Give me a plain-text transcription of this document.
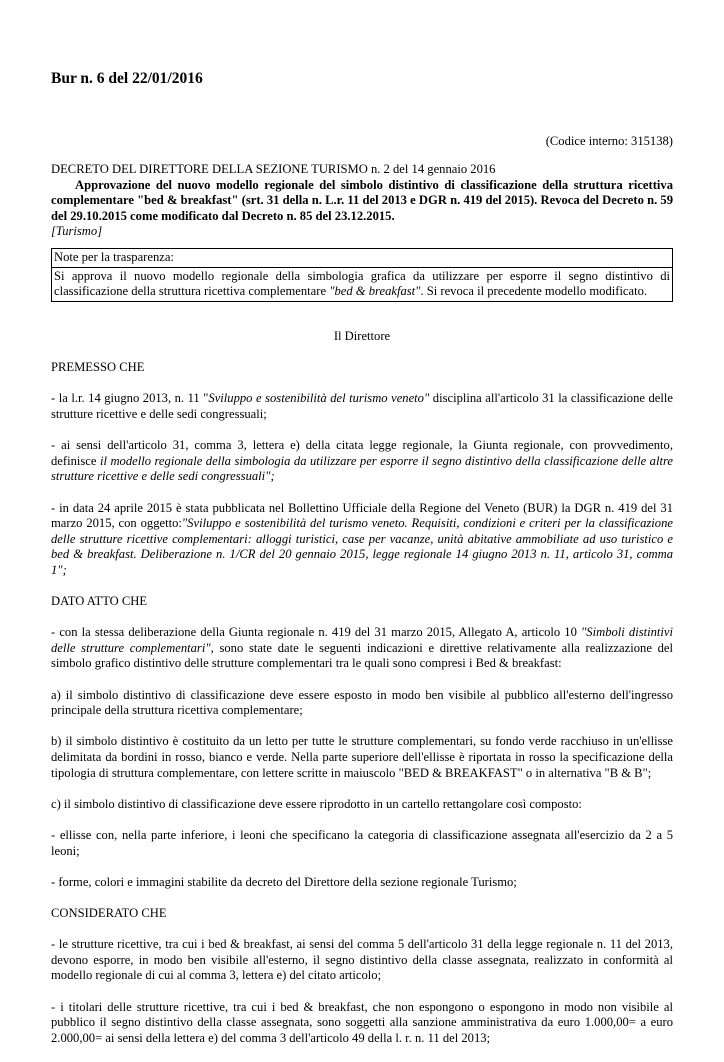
Bur n. 6 del 22/01/2016
(Codice interno: 315138)
DECRETO DEL DIRETTORE DELLA SEZIONE TURISMO n. 2 del 14 gennaio 2016
Approvazione del nuovo modello regionale del simbolo distintivo di classificazione della struttura ricettiva complementare "bed & breakfast" (srt. 31 della n. L.r. 11 del 2013 e DGR n. 419 del 2015). Revoca del Decreto n. 59 del 29.10.2015 come modificato dal Decreto n. 85 del 23.12.2015.
[Turismo]
Note per la trasparenza:
Si approva il nuovo modello regionale della simbologia grafica da utilizzare per esporre il segno distintivo di classificazione della struttura ricettiva complementare "bed & breakfast". Si revoca il precedente modello modificato.

Il Direttore

PREMESSO CHE

- la l.r. 14 giugno 2013, n. 11 "Sviluppo e sostenibilità del turismo veneto" disciplina all'articolo 31 la classificazione delle strutture ricettive e delle sedi congressuali;

- ai sensi dell'articolo 31, comma 3, lettera e) della citata legge regionale, la Giunta regionale, con provvedimento, definisce il modello regionale della simbologia da utilizzare per esporre il segno distintivo della classificazione delle altre strutture ricettive e delle sedi congressuali";

- in data 24 aprile 2015 è stata pubblicata nel Bollettino Ufficiale della Regione del Veneto (BUR) la DGR n. 419 del 31 marzo 2015, con oggetto:"Sviluppo e sostenibilità del turismo veneto. Requisiti, condizioni e criteri per la classificazione delle strutture ricettive complementari: alloggi turistici, case per vacanze, unità abitative ammobiliate ad uso turistico e bed & breakfast. Deliberazione n. 1/CR del 20 gennaio 2015, legge regionale 14 giugno 2013 n. 11, articolo 31, comma 1";

DATO ATTO CHE

- con la stessa deliberazione della Giunta regionale n. 419 del 31 marzo 2015, Allegato A, articolo 10 "Simboli distintivi delle strutture complementari", sono state date le seguenti indicazioni e direttive relativamente alla realizzazione del simbolo grafico distintivo delle strutture complementari tra le quali sono compresi i Bed & breakfast:

a) il simbolo distintivo di classificazione deve essere esposto in modo ben visibile al pubblico all'esterno dell'ingresso principale della struttura ricettiva complementare;

b) il simbolo distintivo è costituito da un letto per tutte le strutture complementari, su fondo verde racchiuso in un'ellisse delimitata da bordini in rosso, bianco e verde. Nella parte superiore dell'ellisse è riportata in rosso la specificazione della tipologia di struttura complementare, con lettere scritte in maiuscolo "BED & BREAKFAST" o in alternativa "B & B";

c) il simbolo distintivo di classificazione deve essere riprodotto in un cartello rettangolare così composto:

- ellisse con, nella parte inferiore, i leoni che specificano la categoria di classificazione assegnata all'esercizio da 2 a 5 leoni;

- forme, colori e immagini stabilite da decreto del Direttore della sezione regionale Turismo;

CONSIDERATO CHE

- le strutture ricettive, tra cui i bed & breakfast, ai sensi del comma 5 dell'articolo 31 della legge regionale n. 11 del 2013, devono esporre, in modo ben visibile all'esterno, il segno distintivo della classe assegnata, realizzato in conformità al modello regionale di cui al comma 3, lettera e) del citato articolo;

- i titolari delle strutture ricettive, tra cui i bed & breakfast, che non espongono o espongono in modo non visibile al pubblico il segno distintivo della classe assegnata, sono soggetti alla sanzione amministrativa da euro 1.000,00= a euro 2.000,00= ai sensi della lettera e) del comma 3 dell'articolo 49 della l. r. n. 11 del 2013;
